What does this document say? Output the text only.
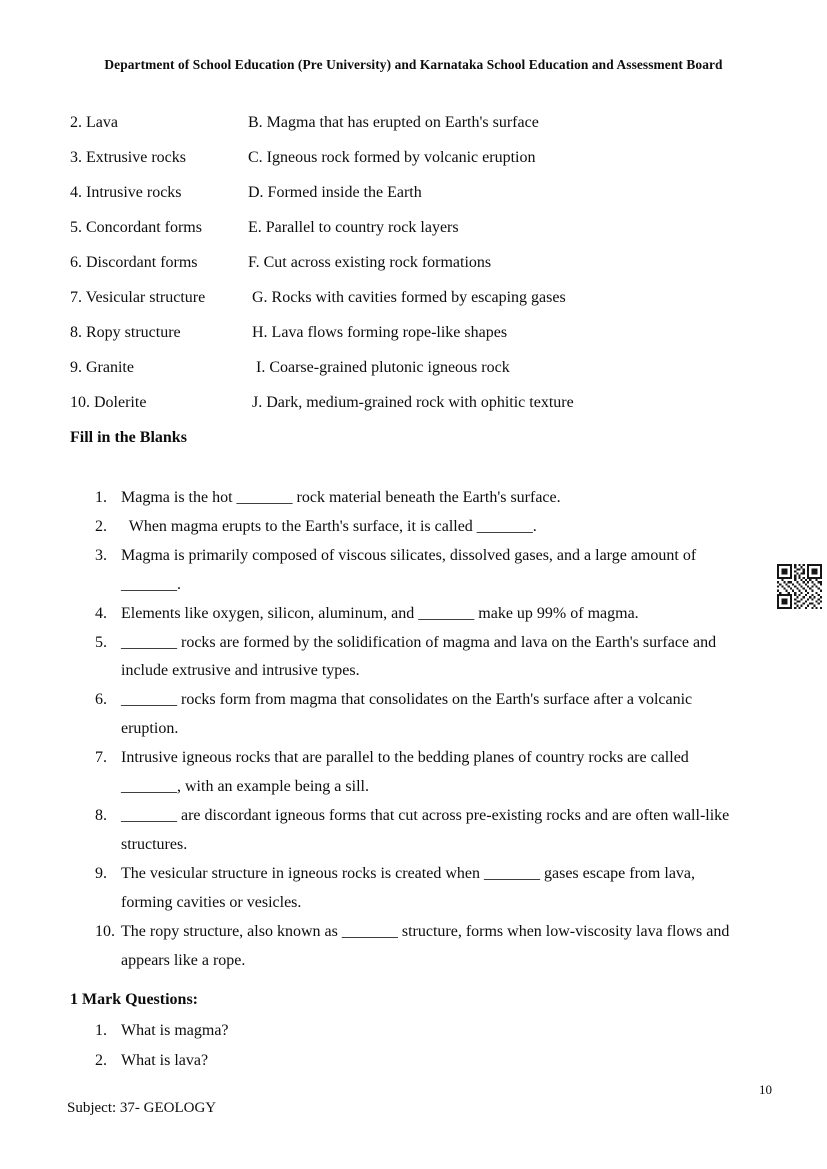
Department of School Education (Pre University) and Karnataka School Education and Assessment Board
2. Lava	B. Magma that has erupted on Earth's surface
3. Extrusive rocks	C. Igneous rock formed by volcanic eruption
4. Intrusive rocks	D. Formed inside the Earth
5. Concordant forms	E. Parallel to country rock layers
6. Discordant forms	F. Cut across existing rock formations
7. Vesicular structure	G. Rocks with cavities formed by escaping gases
8. Ropy structure	H. Lava flows forming rope-like shapes
9. Granite	I. Coarse-grained plutonic igneous rock
10. Dolerite	J. Dark, medium-grained rock with ophitic texture
Fill in the Blanks
1. Magma is the hot _______ rock material beneath the Earth's surface.
2. When magma erupts to the Earth's surface, it is called _______.
3. Magma is primarily composed of viscous silicates, dissolved gases, and a large amount of
_______.
4. Elements like oxygen, silicon, aluminum, and _______ make up 99% of magma.
5. _______ rocks are formed by the solidification of magma and lava on the Earth's surface and
include extrusive and intrusive types.
6. _______ rocks form from magma that consolidates on the Earth's surface after a volcanic
eruption.
7. Intrusive igneous rocks that are parallel to the bedding planes of country rocks are called
_______, with an example being a sill.
8. _______ are discordant igneous forms that cut across pre-existing rocks and are often wall-like
structures.
9. The vesicular structure in igneous rocks is created when _______ gases escape from lava,
forming cavities or vesicles.
10. The ropy structure, also known as _______ structure, forms when low-viscosity lava flows and
appears like a rope.
1 Mark Questions:
1. What is magma?
2. What is lava?
Subject: 37- GEOLOGY
10
